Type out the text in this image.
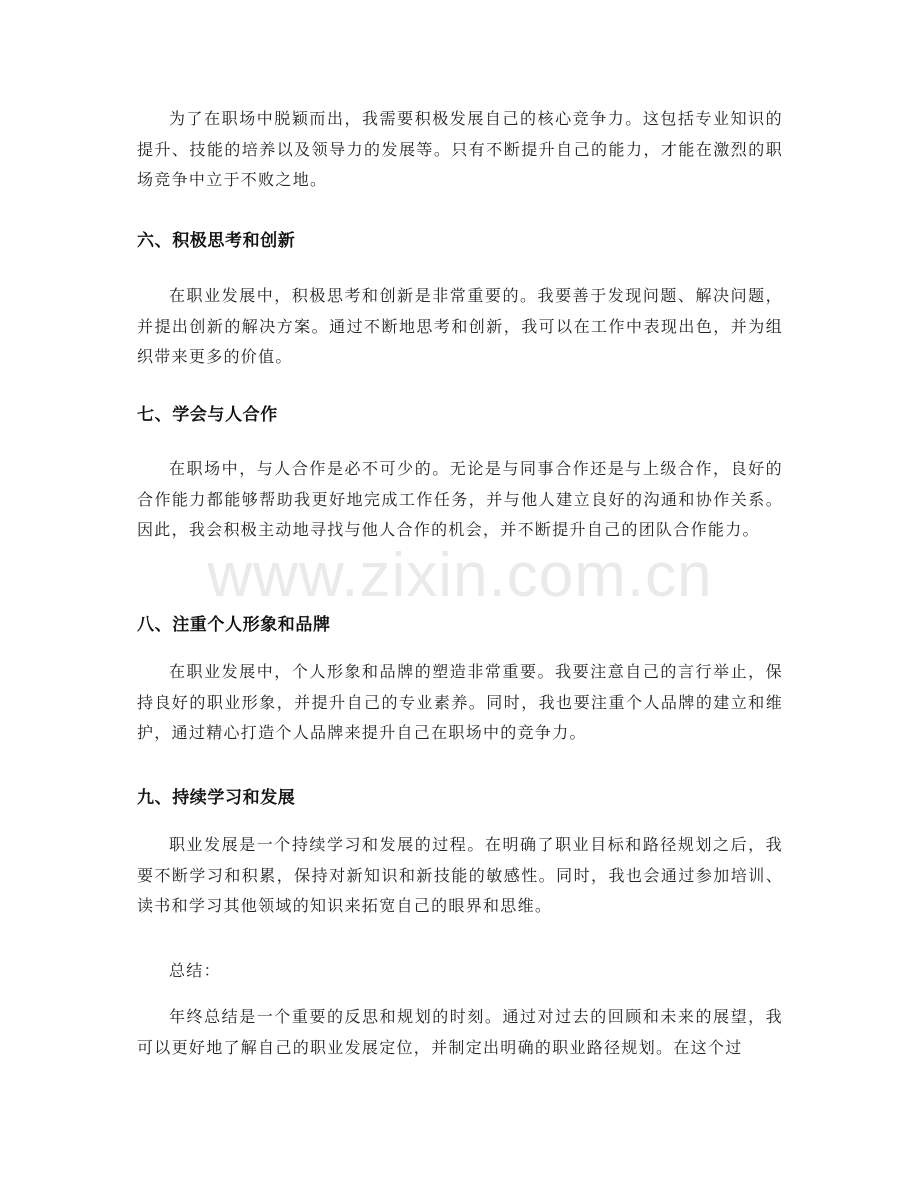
为了在职场中脱颖而出，我需要积极发展自己的核心竞争力。这包括专业知识的提升、技能的培养以及领导力的发展等。只有不断提升自己的能力，才能在激烈的职场竞争中立于不败之地。

六、积极思考和创新

在职业发展中，积极思考和创新是非常重要的。我要善于发现问题、解决问题，并提出创新的解决方案。通过不断地思考和创新，我可以在工作中表现出色，并为组织带来更多的价值。

七、学会与人合作

在职场中，与人合作是必不可少的。无论是与同事合作还是与上级合作，良好的合作能力都能够帮助我更好地完成工作任务，并与他人建立良好的沟通和协作关系。因此，我会积极主动地寻找与他人合作的机会，并不断提升自己的团队合作能力。

八、注重个人形象和品牌

在职业发展中，个人形象和品牌的塑造非常重要。我要注意自己的言行举止，保持良好的职业形象，并提升自己的专业素养。同时，我也要注重个人品牌的建立和维护，通过精心打造个人品牌来提升自己在职场中的竞争力。

九、持续学习和发展

职业发展是一个持续学习和发展的过程。在明确了职业目标和路径规划之后，我要不断学习和积累，保持对新知识和新技能的敏感性。同时，我也会通过参加培训、读书和学习其他领域的知识来拓宽自己的眼界和思维。

总结：

年终总结是一个重要的反思和规划的时刻。通过对过去的回顾和未来的展望，我可以更好地了解自己的职业发展定位，并制定出明确的职业路径规划。在这个过

www.zixin.com.cn
